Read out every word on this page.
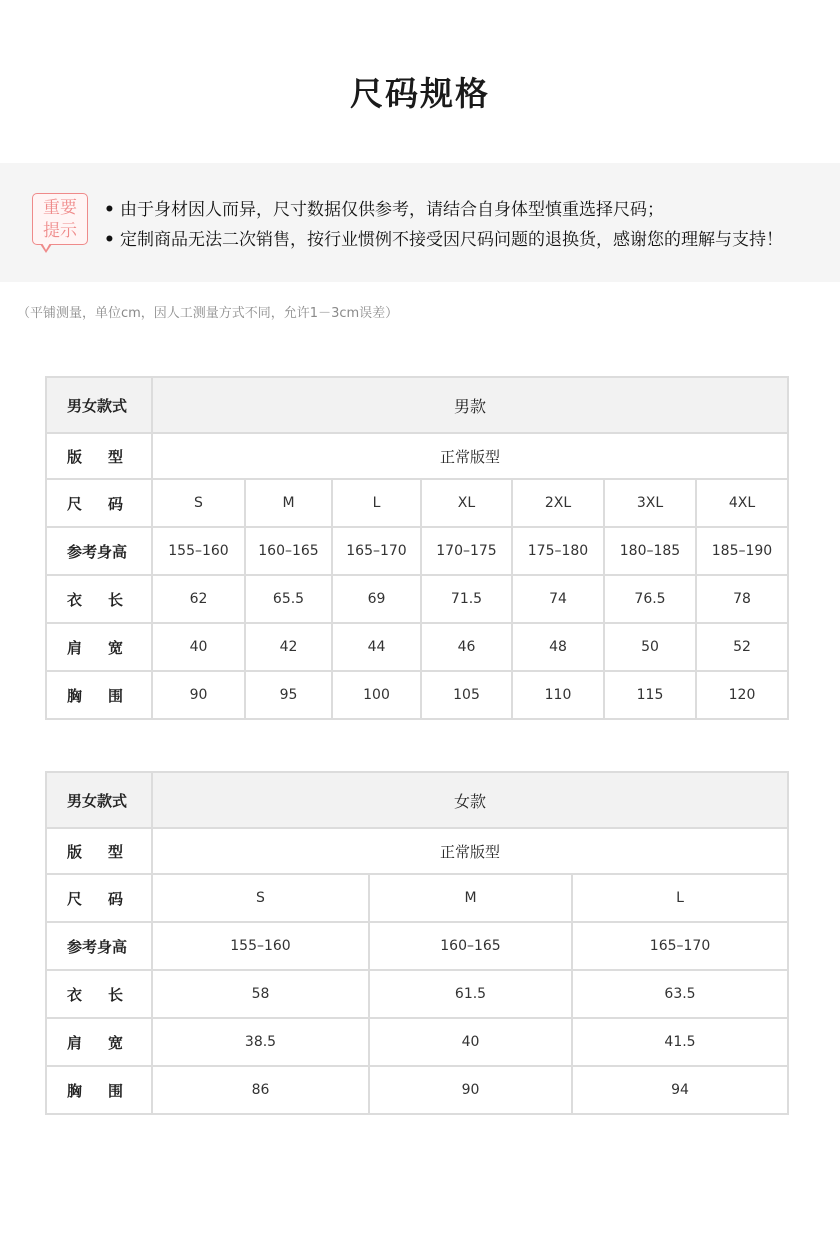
尺码规格
重要
提示
• 由于身材因人而异，尺寸数据仅供参考，请结合自身体型慎重选择尺码；
• 定制商品无法二次销售，按行业惯例不接受因尺码问题的退换货，感谢您的理解与支持！
（平铺测量，单位cm，因人工测量方式不同，允许1－3cm误差）
男女款式	男款						
版型	正常版型						
尺码	S	M	L	XL	2XL	3XL	4XL
参考身高	155–160	160–165	165–170	170–175	175–180	180–185	185–190
衣长	62	65.5	69	71.5	74	76.5	78
肩宽	40	42	44	46	48	50	52
胸围	90	95	100	105	110	115	120
男女款式	女款		
版型	正常版型		
尺码	S	M	L
参考身高	155–160	160–165	165–170
衣长	58	61.5	63.5
肩宽	38.5	40	41.5
胸围	86	90	94
